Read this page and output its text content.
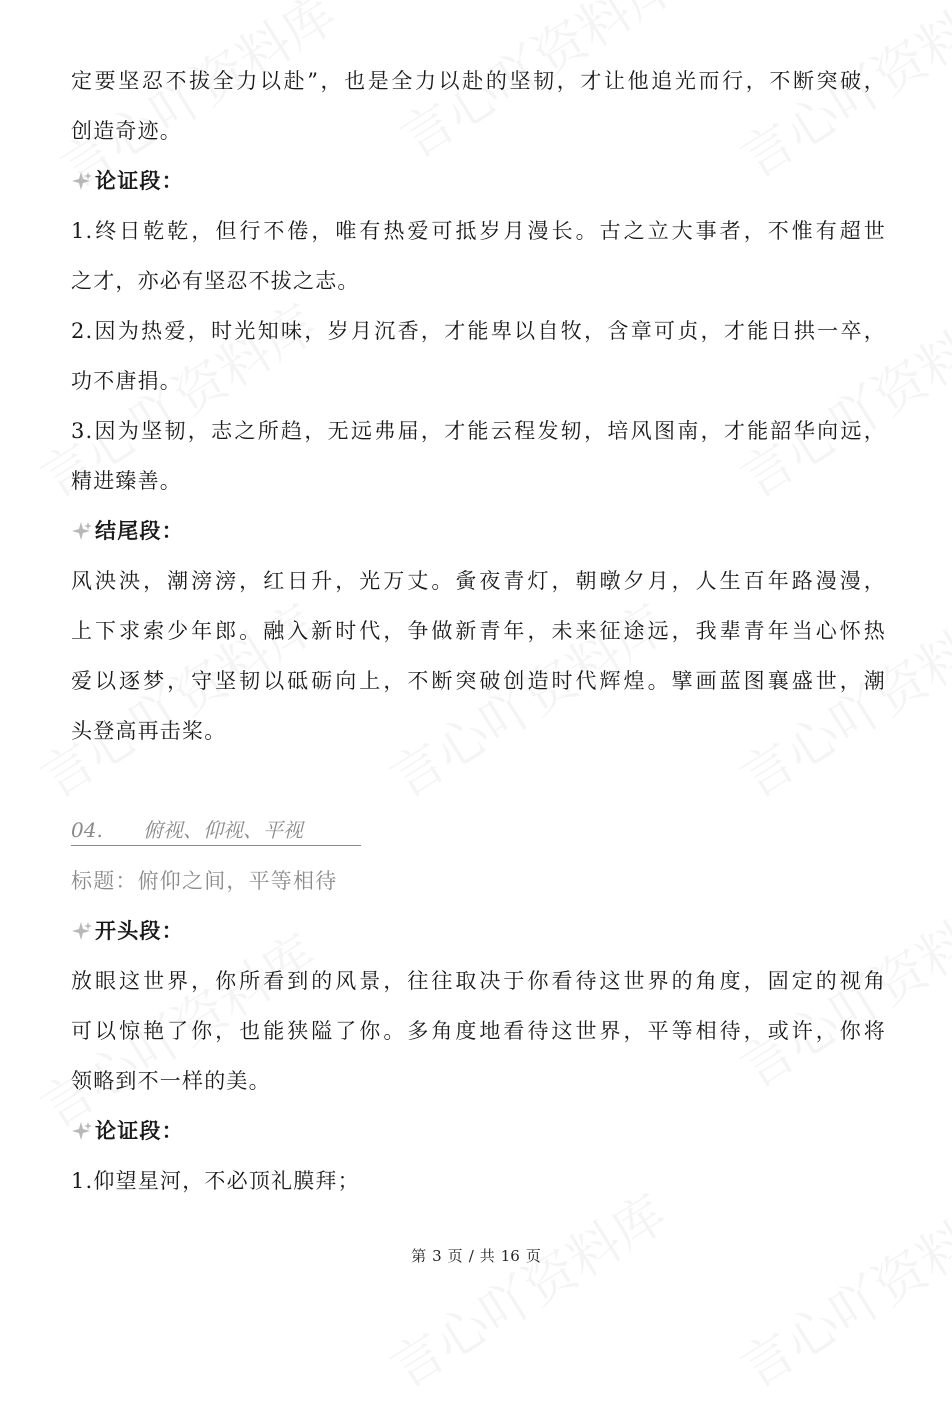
定要坚忍不拔全力以赴”，也是全力以赴的坚韧，才让他追光而行，不断突破，
创造奇迹。
论证段：
1.终日乾乾，但行不倦，唯有热爱可抵岁月漫长。古之立大事者，不惟有超世
之才，亦必有坚忍不拔之志。
2.因为热爱，时光知味，岁月沉香，才能卑以自牧，含章可贞，才能日拱一卒，
功不唐捐。
3.因为坚韧，志之所趋，无远弗届，才能云程发轫，培风图南，才能韶华向远，
精进臻善。
结尾段：
风泱泱，潮滂滂，红日升，光万丈。夤夜青灯，朝暾夕月，人生百年路漫漫，
上下求索少年郎。融入新时代，争做新青年，未来征途远，我辈青年当心怀热
爱以逐梦，守坚韧以砥砺向上，不断突破创造时代辉煌。擘画蓝图襄盛世，潮
头登高再击桨。
04. 俯视、仰视、平视
标题：俯仰之间，平等相待
开头段：
放眼这世界，你所看到的风景，往往取决于你看待这世界的角度，固定的视角
可以惊艳了你，也能狭隘了你。多角度地看待这世界，平等相待，或许，你将
领略到不一样的美。
论证段：
1.仰望星河，不必顶礼膜拜；
第 3 页 / 共 16 页
